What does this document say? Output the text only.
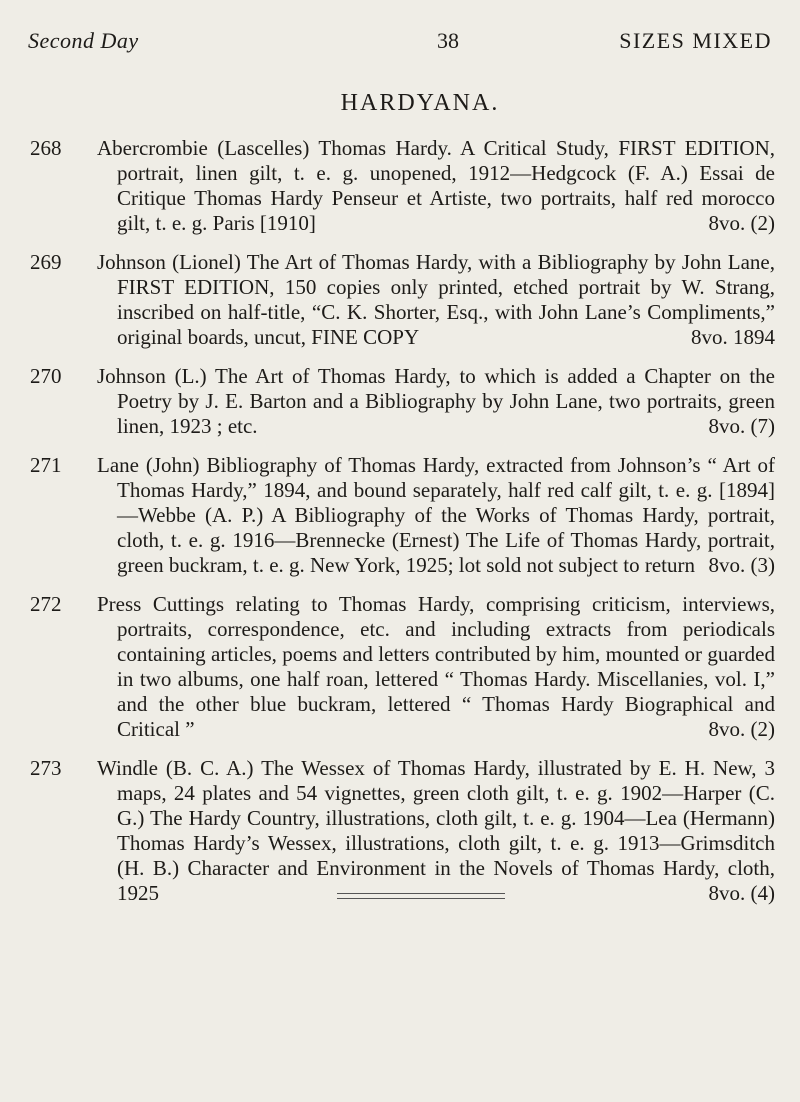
Second Day	38	SIZES MIXED
HARDYANA.
268	Abercrombie (Lascelles) Thomas Hardy. A Critical Study, FIRST EDITION, portrait, linen gilt, t. e. g. unopened, 1912—Hedgcock (F. A.) Essai de Critique Thomas Hardy Penseur et Artiste, two portraits, half red morocco gilt, t. e. g. Paris [1910]	8vo. (2)
269	Johnson (Lionel) The Art of Thomas Hardy, with a Bibliography by John Lane, FIRST EDITION, 150 copies only printed, etched portrait by W. Strang, inscribed on half-title, “C. K. Shorter, Esq., with John Lane’s Compliments,” original boards, uncut, FINE COPY	8vo. 1894
270	Johnson (L.) The Art of Thomas Hardy, to which is added a Chapter on the Poetry by J. E. Barton and a Bibliography by John Lane, two portraits, green linen, 1923 ; etc.	8vo. (7)
271	Lane (John) Bibliography of Thomas Hardy, extracted from Johnson’s “ Art of Thomas Hardy,” 1894, and bound separately, half red calf gilt, t. e. g. [1894]—Webbe (A. P.) A Bibliography of the Works of Thomas Hardy, portrait, cloth, t. e. g. 1916—Brennecke (Ernest) The Life of Thomas Hardy, portrait, green buckram, t. e. g. New York, 1925; lot sold not subject to return 8vo. (3)
272	Press Cuttings relating to Thomas Hardy, comprising criticism, interviews, portraits, correspondence, etc. and including extracts from periodicals containing articles, poems and letters contributed by him, mounted or guarded in two albums, one half roan, lettered “ Thomas Hardy. Miscellanies, vol. I,” and the other blue buckram, lettered “ Thomas Hardy Biographical and Critical ”	8vo. (2)
273	Windle (B. C. A.) The Wessex of Thomas Hardy, illustrated by E. H. New, 3 maps, 24 plates and 54 vignettes, green cloth gilt, t. e. g. 1902—Harper (C. G.) The Hardy Country, illustrations, cloth gilt, t. e. g. 1904—Lea (Hermann) Thomas Hardy’s Wessex, illustrations, cloth gilt, t. e. g. 1913—Grimsditch (H. B.) Character and Environment in the Novels of Thomas Hardy, cloth, 1925	8vo. (4)
